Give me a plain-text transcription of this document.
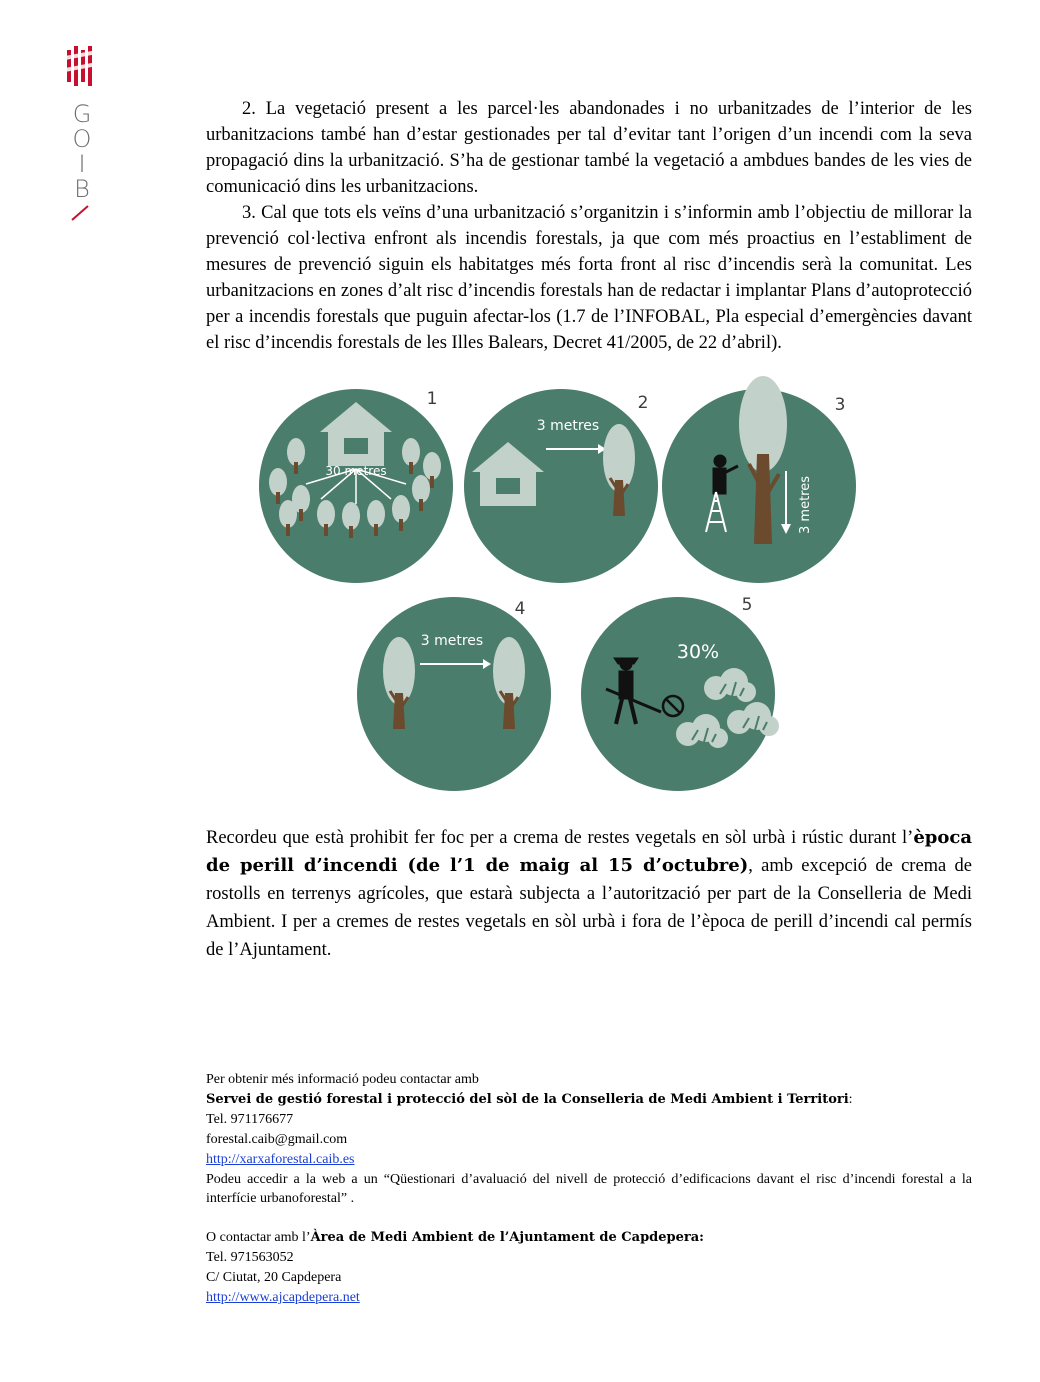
G
O
I
B

2. La vegetació present a les parcel·les abandonades i no urbanitzades de l’interior de les urbanitzacions també han d’estar gestionades per tal d’evitar tant l’origen d’un incendi com la seva propagació dins la urbanització. S’ha de gestionar també la vegetació a ambdues bandes de les vies de comunicació dins les urbanitzacions.

3. Cal que tots els veïns d’una urbanització s’organitzin i s’informin amb l’objectiu de millorar la prevenció col·lectiva enfront als incendis forestals, ja que com més proactius en l’establiment de mesures de prevenció siguin els habitatges més forta front al risc d’incendis serà la comunitat. Les urbanitzacions en zones d’alt risc d’incendis forestals han de redactar i implantar Plans d’autoprotecció per a incendis forestals que puguin afectar-los (1.7 de l’INFOBAL, Pla especial d’emergències davant el risc d’incendis forestals de les Illes Balears, Decret 41/2005, de 22 d’abril).

30 metres
1
3 metres
2
3 metres
3
3 metres
4
30%
5

Recordeu que està prohibit fer foc per a crema de restes vegetals en sòl urbà i rústic durant l’època de perill d’incendi (de l’1 de maig al 15 d’octubre), amb excepció de crema de rostolls en terrenys agrícoles, que estarà subjecta a l’autorització per part de la Conselleria de Medi Ambient. I per a cremes de restes vegetals en sòl urbà i fora de l’època de perill d’incendi cal permís de l’Ajuntament.

Per obtenir més informació podeu contactar amb

Servei de gestió forestal i protecció del sòl de la Conselleria de Medi Ambient i Territori:

Tel. 971176677

forestal.caib@gmail.com

http://xarxaforestal.caib.es

Podeu accedir a la web a un “Qüestionari d’avaluació del nivell de protecció d’edificacions davant el risc d’incendi forestal a la interfície urbanoforestal” .

O contactar amb l’Àrea de Medi Ambient de l’Ajuntament de Capdepera:

Tel. 971563052

C/ Ciutat, 20 Capdepera

http://www.ajcapdepera.net
